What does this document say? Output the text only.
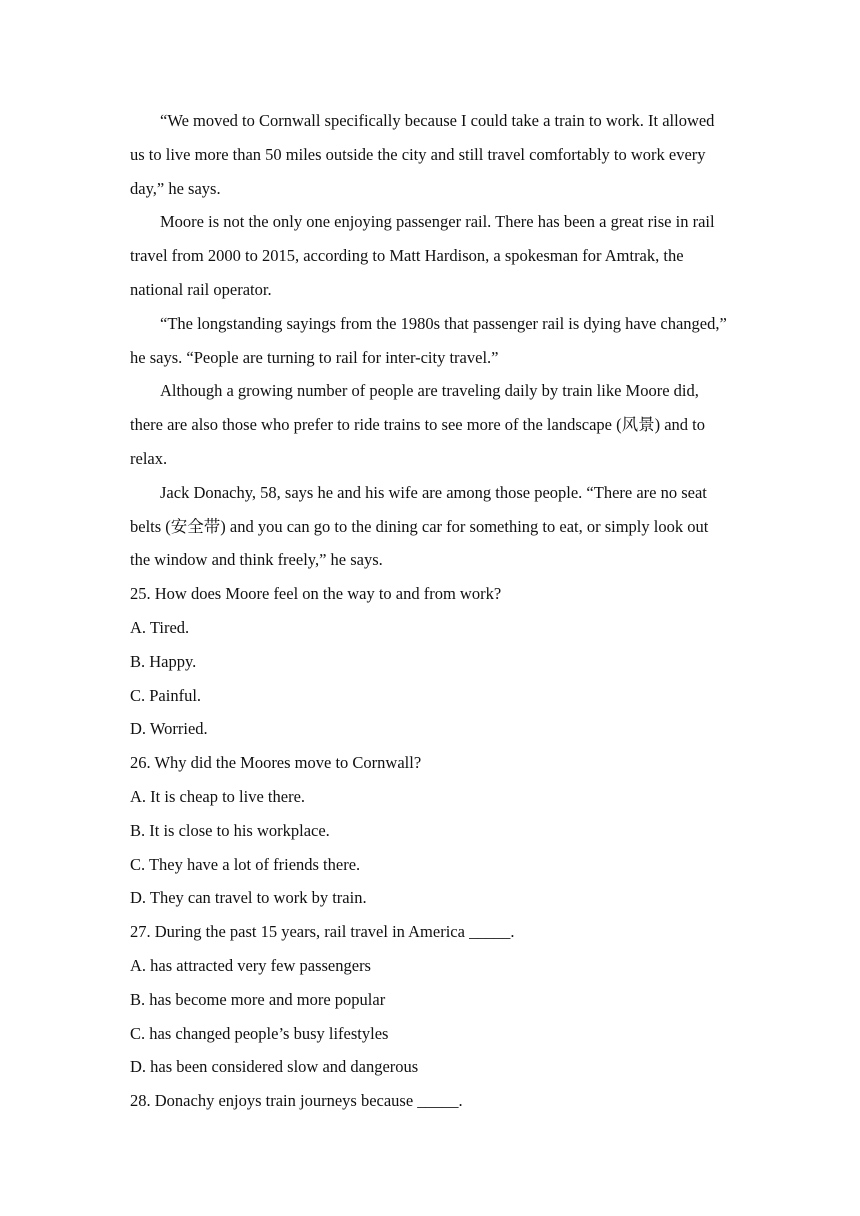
“We moved to Cornwall specifically because I could take a train to work. It allowed us to live more than 50 miles outside the city and still travel comfortably to work every day,” he says.

Moore is not the only one enjoying passenger rail. There has been a great rise in rail travel from 2000 to 2015, according to Matt Hardison, a spokesman for Amtrak, the national rail operator.

“The longstanding sayings from the 1980s that passenger rail is dying have changed,” he says. “People are turning to rail for inter-city travel.”

Although a growing number of people are traveling daily by train like Moore did, there are also those who prefer to ride trains to see more of the landscape (风景) and to relax.

Jack Donachy, 58, says he and his wife are among those people. “There are no seat belts (安全带) and you can go to the dining car for something to eat, or simply look out the window and think freely,” he says.

25. How does Moore feel on the way to and from work?

A. Tired.

B. Happy.

C. Painful.

D. Worried.

26. Why did the Moores move to Cornwall?

A. It is cheap to live there.

B. It is close to his workplace.

C. They have a lot of friends there.

D. They can travel to work by train.

27. During the past 15 years, rail travel in America _____.

A. has attracted very few passengers

B. has become more and more popular

C. has changed people’s busy lifestyles

D. has been considered slow and dangerous

28. Donachy enjoys train journeys because _____.
